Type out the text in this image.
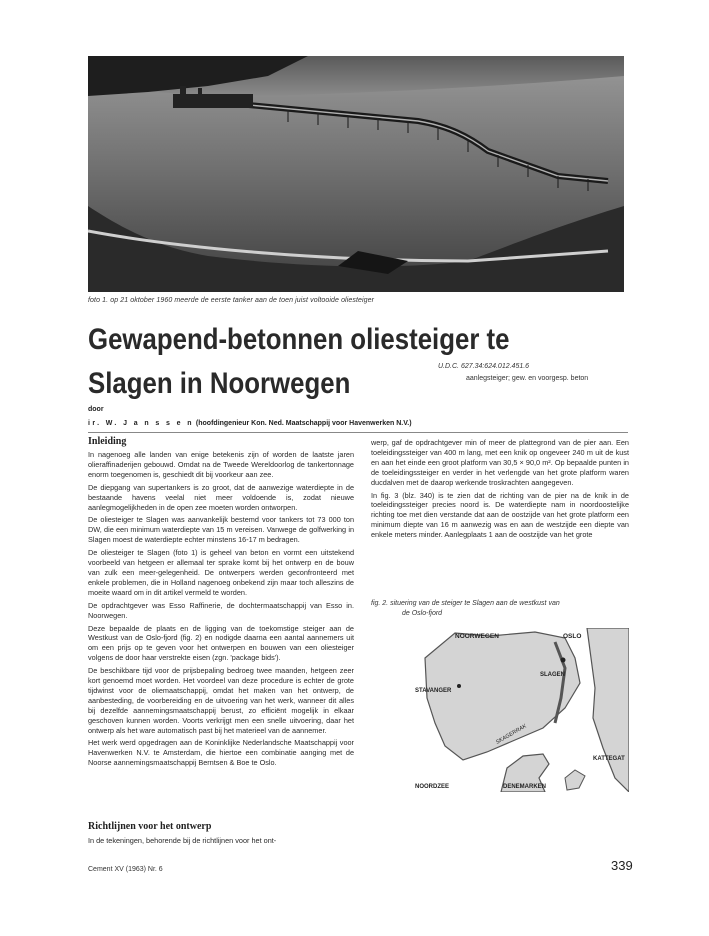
foto 1. op 21 oktober 1960 meerde de eerste tanker aan de toen juist voltooide oliesteiger
Gewapend-betonnen oliesteiger te Slagen in Noorwegen
U.D.C. 627.34:624.012.451.6
aanlegsteiger; gew. en voorgesp. beton
door
ir. W. J a n s s e n (hoofdingenieur Kon. Ned. Maatschappij voor Havenwerken N.V.)
Inleiding

In nagenoeg alle landen van enige betekenis zijn of worden de laatste jaren olieraffinaderijen gebouwd. Omdat na de Tweede Wereldoorlog de tankertonnage enorm toegenomen is, geschiedt dit bij voorkeur aan zee.

De diepgang van supertankers is zo groot, dat de aanwezige waterdiepte in de bestaande havens veelal niet meer voldoende is, zodat nieuwe aanlegmogelijkheden in de open zee moeten worden ontworpen.

De oliesteiger te Slagen was aanvankelijk bestemd voor tankers tot 73 000 ton DW, die een minimum waterdiepte van 15 m vereisen. Vanwege de golfwerking in Slagen moest de waterdiepte echter minstens 16-17 m bedragen.

De oliesteiger te Slagen (foto 1) is geheel van beton en vormt een uitstekend voorbeeld van hetgeen er allemaal ter sprake komt bij het ontwerp en de bouw van zulk een meer-gelegenheid. De ontwerpers werden geconfronteerd met enkele problemen, die in Holland nagenoeg onbekend zijn maar toch alleszins de moeite waard om in dit artikel vermeld te worden.

De opdrachtgever was Esso Raffinerie, de dochtermaatschappij van Esso in. Noorwegen.

Deze bepaalde de plaats en de ligging van de toekomstige steiger aan de Westkust van de Oslo-fjord (fig. 2) en nodigde daarna een aantal aannemers uit om een prijs op te geven voor het ontwerpen en bouwen van een oliesteiger volgens de door haar verstrekte eisen (zgn. 'package bids').

De beschikbare tijd voor de prijsbepaling bedroeg twee maanden, hetgeen zeer kort genoemd moet worden. Het voordeel van deze procedure is echter de grote tijdwinst voor de oliemaatschappij, omdat het maken van het ontwerp, de aanbesteding, de voorbereiding en de uitvoering van het werk, wanneer dit alles bij dezelfde aannemingsmaatschappij berust, zo efficiënt mogelijk in elkaar geschoven kunnen worden. Voorts verkrijgt men een snelle uitvoering, daar het ontwerp als het ware automatisch past bij het materieel van de aannemer.

Het werk werd opgedragen aan de Koninklijke Nederlandsche Maatschappij voor Havenwerken N.V. te Amsterdam, die hiertoe een combinatie aanging met de Noorse aannemingsmaatschappij Berntsen & Boe te Oslo.

Richtlijnen voor het ontwerp
In de tekeningen, behorende bij de richtlijnen voor het ont-

werp, gaf de opdrachtgever min of meer de plattegrond van de pier aan. Een toeleidingssteiger van 400 m lang, met een knik op ongeveer 240 m uit de kust en aan het einde een groot platform van 30,5 × 90,0 m². Op bepaalde punten in de toeleidingssteiger en verder in het verlengde van het grote platform waren ducdalven met de daarop werkende troskrachten aangegeven.

In fig. 3 (blz. 340) is te zien dat de richting van de pier na de knik in de toeleidingssteiger precies noord is. De waterdiepte nam in noordoostelijke richting toe met dien verstande dat aan de oostzijde van het grote platform een minimum diepte van 16 m aanwezig was en aan de westzijde een diepte van enkele meters minder. Aanlegplaats 1 aan de oostzijde van het grote

fig. 2. situering van de steiger te Slagen aan de westkust van
de Oslo-fjord
NOORWEGEN	OSLO
SLAGEN
STAVANGER
SKAGERRAK
KATTEGAT
NOORDZEE	DENEMARKEN
Cement XV (1963) Nr. 6	339
